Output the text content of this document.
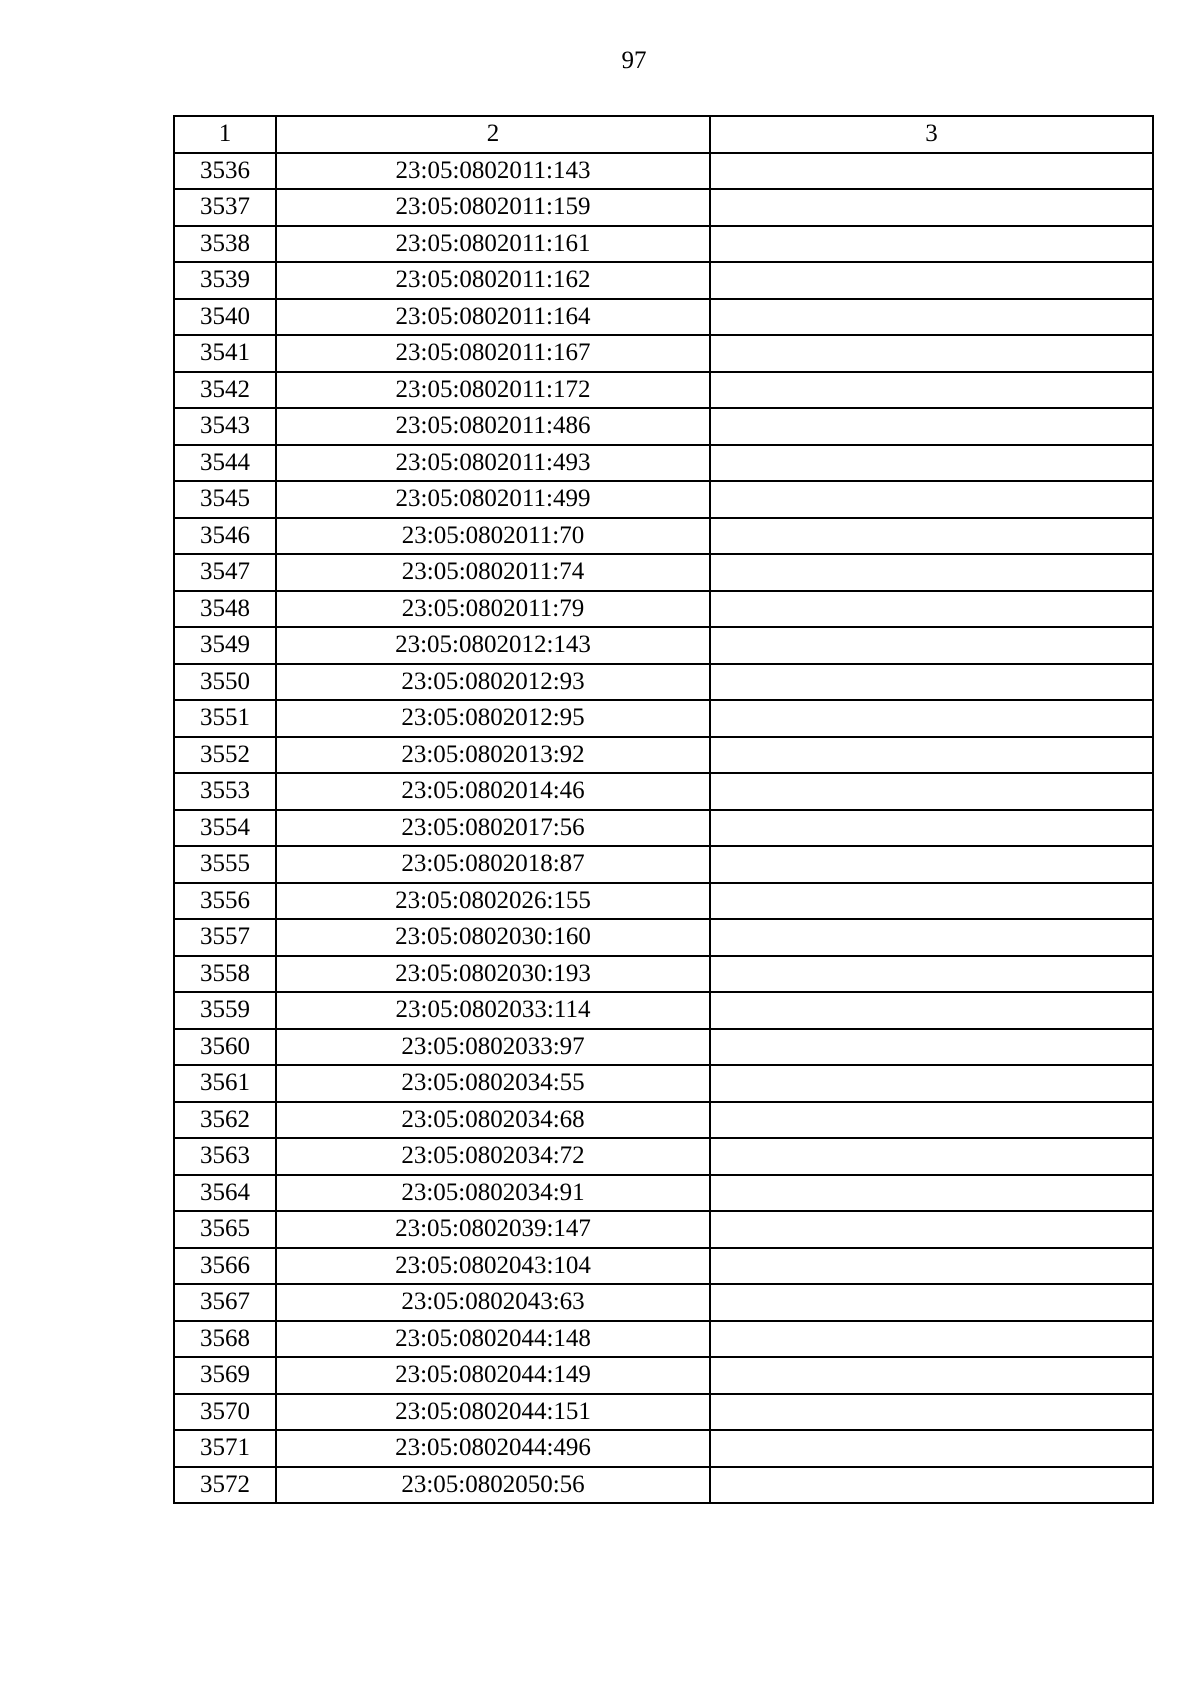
97
1	2	3
3536	23:05:0802011:143	
3537	23:05:0802011:159	
3538	23:05:0802011:161	
3539	23:05:0802011:162	
3540	23:05:0802011:164	
3541	23:05:0802011:167	
3542	23:05:0802011:172	
3543	23:05:0802011:486	
3544	23:05:0802011:493	
3545	23:05:0802011:499	
3546	23:05:0802011:70	
3547	23:05:0802011:74	
3548	23:05:0802011:79	
3549	23:05:0802012:143	
3550	23:05:0802012:93	
3551	23:05:0802012:95	
3552	23:05:0802013:92	
3553	23:05:0802014:46	
3554	23:05:0802017:56	
3555	23:05:0802018:87	
3556	23:05:0802026:155	
3557	23:05:0802030:160	
3558	23:05:0802030:193	
3559	23:05:0802033:114	
3560	23:05:0802033:97	
3561	23:05:0802034:55	
3562	23:05:0802034:68	
3563	23:05:0802034:72	
3564	23:05:0802034:91	
3565	23:05:0802039:147	
3566	23:05:0802043:104	
3567	23:05:0802043:63	
3568	23:05:0802044:148	
3569	23:05:0802044:149	
3570	23:05:0802044:151	
3571	23:05:0802044:496	
3572	23:05:0802050:56	
